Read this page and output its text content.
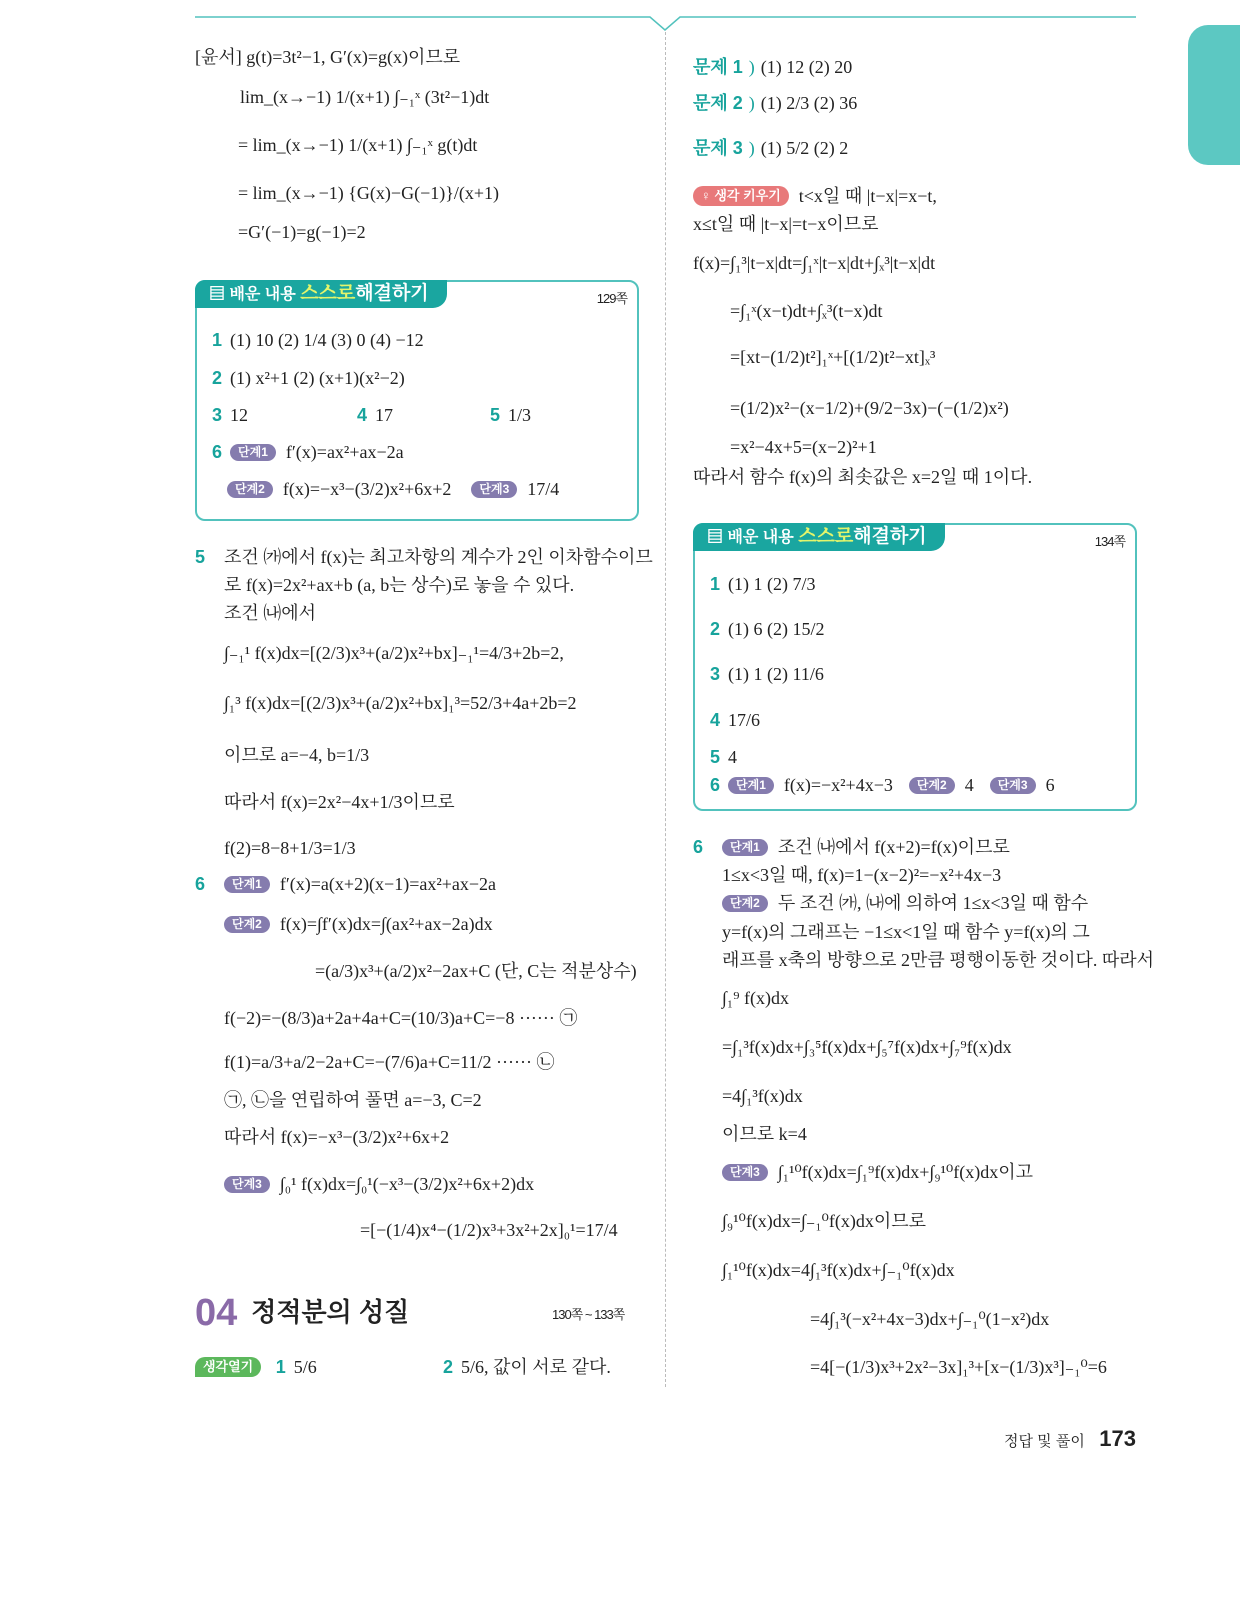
[윤서] g(t)=3t²−1, G′(x)=g(x)이므로
lim_(x→−1) 1/(x+1) ∫₋₁ˣ (3t²−1)dt
= lim_(x→−1) 1/(x+1) ∫₋₁ˣ g(t)dt
= lim_(x→−1) {G(x)−G(−1)}/(x+1)
=G′(−1)=g(−1)=2
▤ 배운 내용 스스로해결하기	129쪽
1 (1) 10 (2) 1/4 (3) 0 (4) −12
2 (1) x²+1 (2) (x+1)(x²−2)
3 12	4 17	5 1/3
6 단계1 f′(x)=ax²+ax−2a
단계2 f(x)=−x³−(3/2)x²+6x+2 단계3 17/4
5	조건 ㈎에서 f(x)는 최고차항의 계수가 2인 이차함수이므
로 f(x)=2x²+ax+b (a, b는 상수)로 놓을 수 있다.
조건 ㈏에서
∫₋₁¹ f(x)dx=[(2/3)x³+(a/2)x²+bx]₋₁¹=4/3+2b=2,
∫₁³ f(x)dx=[(2/3)x³+(a/2)x²+bx]₁³=52/3+4a+2b=2
이므로 a=−4, b=1/3
따라서 f(x)=2x²−4x+1/3이므로
f(2)=8−8+1/3=1/3
6	단계1 f′(x)=a(x+2)(x−1)=ax²+ax−2a
단계2 f(x)=∫f′(x)dx=∫(ax²+ax−2a)dx
=(a/3)x³+(a/2)x²−2ax+C (단, C는 적분상수)
f(−2)=−(8/3)a+2a+4a+C=(10/3)a+C=−8 ······ ㉠
f(1)=a/3+a/2−2a+C=−(7/6)a+C=11/2 ······ ㉡
㉠, ㉡을 연립하여 풀면 a=−3, C=2
따라서 f(x)=−x³−(3/2)x²+6x+2
단계3 ∫₀¹ f(x)dx=∫₀¹(−x³−(3/2)x²+6x+2)dx
=[−(1/4)x⁴−(1/2)x³+3x²+2x]₀¹=17/4
04 정적분의 성질	130쪽 ~ 133쪽
생각열기 1 5/6	2 5/6, 값이 서로 같다.
문제 1 ) (1) 12 (2) 20
문제 2 ) (1) 2/3 (2) 36
문제 3 ) (1) 5/2 (2) 2
♀ 생각 키우기 t<x일 때 |t−x|=x−t,
x≤t일 때 |t−x|=t−x이므로
f(x)=∫₁³|t−x|dt=∫₁ˣ|t−x|dt+∫ₓ³|t−x|dt
=∫₁ˣ(x−t)dt+∫ₓ³(t−x)dt
=[xt−(1/2)t²]₁ˣ+[(1/2)t²−xt]ₓ³
=(1/2)x²−(x−1/2)+(9/2−3x)−(−(1/2)x²)
=x²−4x+5=(x−2)²+1
따라서 함수 f(x)의 최솟값은 x=2일 때 1이다.
▤ 배운 내용 스스로해결하기	134쪽
1 (1) 1 (2) 7/3
2 (1) 6 (2) 15/2
3 (1) 1 (2) 11/6
4 17/6
5 4
6 단계1 f(x)=−x²+4x−3 단계2 4 단계3 6
6	단계1 조건 ㈏에서 f(x+2)=f(x)이므로
1≤x<3일 때, f(x)=1−(x−2)²=−x²+4x−3
단계2 두 조건 ㈎, ㈏에 의하여 1≤x<3일 때 함수
y=f(x)의 그래프는 −1≤x<1일 때 함수 y=f(x)의 그
래프를 x축의 방향으로 2만큼 평행이동한 것이다. 따라서
∫₁⁹ f(x)dx
=∫₁³f(x)dx+∫₃⁵f(x)dx+∫₅⁷f(x)dx+∫₇⁹f(x)dx
=4∫₁³f(x)dx
이므로 k=4
단계3 ∫₁¹⁰f(x)dx=∫₁⁹f(x)dx+∫₉¹⁰f(x)dx이고
∫₉¹⁰f(x)dx=∫₋₁⁰f(x)dx이므로
∫₁¹⁰f(x)dx=4∫₁³f(x)dx+∫₋₁⁰f(x)dx
=4∫₁³(−x²+4x−3)dx+∫₋₁⁰(1−x²)dx
=4[−(1/3)x³+2x²−3x]₁³+[x−(1/3)x³]₋₁⁰=6
정답 및 풀이 173
